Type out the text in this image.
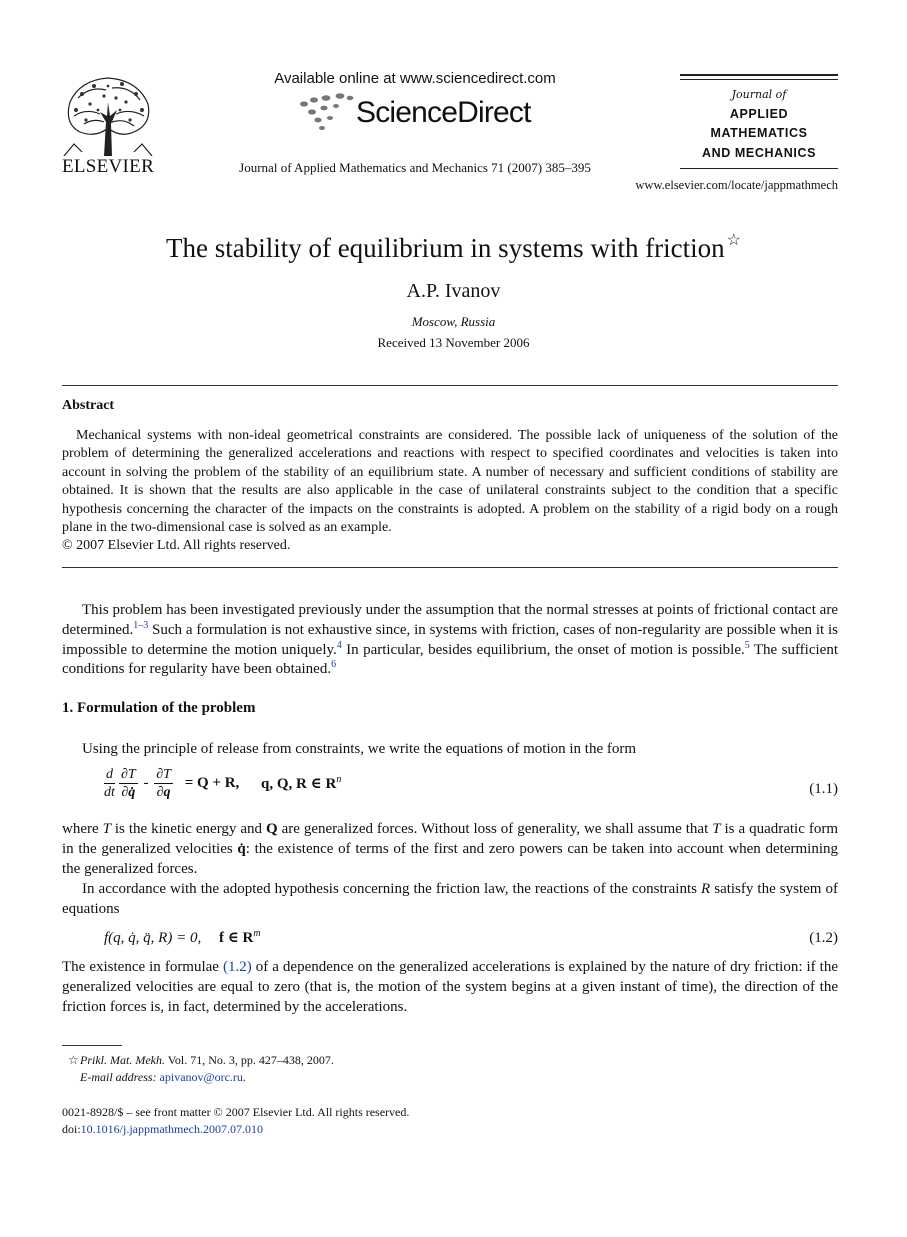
ELSEVIER
Available online at www.sciencedirect.com
ScienceDirect
Journal of Applied Mathematics and Mechanics 71 (2007) 385–395
Journal of
APPLIED
MATHEMATICS
AND MECHANICS
www.elsevier.com/locate/jappmathmech
The stability of equilibrium in systems with friction ☆
A.P. Ivanov
Moscow, Russia
Received 13 November 2006
Abstract
Mechanical systems with non-ideal geometrical constraints are considered. The possible lack of uniqueness of the solution of the problem of determining the generalized accelerations and reactions with respect to specified coordinates and velocities is taken into account in solving the problem of the stability of an equilibrium state. A number of necessary and sufficient conditions of stability are obtained. It is shown that the results are also applicable in the case of unilateral constraints subject to the condition that a specific hypothesis concerning the character of the impacts on the constraints is adopted. A problem on the stability of a rigid body on a rough plane in the two-dimensional case is solved as an example.
© 2007 Elsevier Ltd. All rights reserved.
This problem has been investigated previously under the assumption that the normal stresses at points of frictional contact are determined.$^{1-3}$ Such a formulation is not exhaustive since, in systems with friction, cases of non-regularity are possible when it is impossible to determine the motion uniquely.$^4$ In particular, besides equilibrium, the onset of motion is possible.$^5$ The sufficient conditions for regularity have been obtained.$^6$
1. Formulation of the problem
Using the principle of release from constraints, we write the equations of motion in the form
$\frac{d}{dt} \frac{\partial T}{\partial q̇} - \frac{\partial T}{\partial q} = Q + R$, q, Q, R ∈ $R^n$
(1.1)
where T is the kinetic energy and Q are generalized forces. Without loss of generality, we shall assume that T is a quadratic form in the generalized velocities q̇: the existence of terms of the first and zero powers can be taken into account when determining the generalized forces.
In accordance with the adopted hypothesis concerning the friction law, the reactions of the constraints R satisfy the system of equations
f(q, q̇, q̈, R) = 0, f ∈ $R^m$	(1.2)
The existence in formulae (1.2) of a dependence on the generalized accelerations is explained by the nature of dry friction: if the generalized velocities are equal to zero (that is, the motion of the system begins at a given instant of time), the direction of the friction forces is, in fact, determined by the accelerations.
☆Prikl. Mat. Mekh. Vol. 71, No. 3, pp. 427–438, 2007.
E-mail address: apivanov@orc.ru.
0021-8928/$ – see front matter © 2007 Elsevier Ltd. All rights reserved.
doi:10.1016/j.jappmathmech.2007.07.010
